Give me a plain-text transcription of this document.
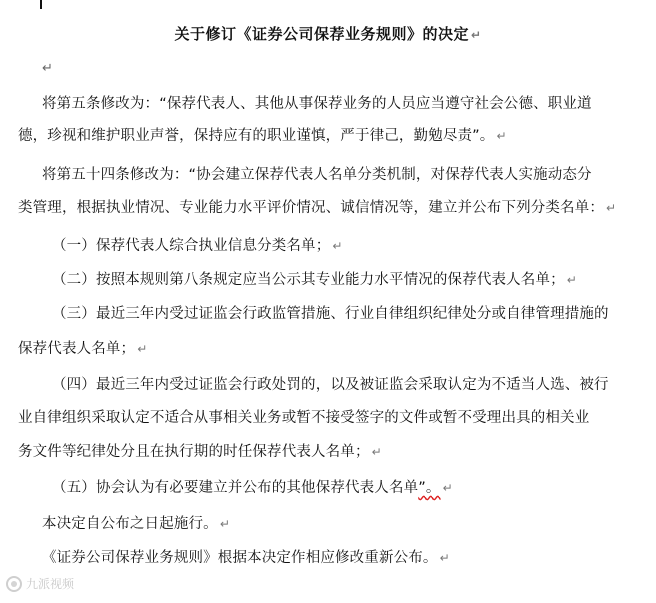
关于修订《证券公司保荐业务规则》的决定 ↵
↵
将第五条修改为：“保荐代表人、其他从事保荐业务的人员应当遵守社会公德、职业道
德，珍视和维护职业声誉，保持应有的职业谨慎，严于律己，勤勉尽责”。 ↵
将第五十四条修改为：“协会建立保荐代表人名单分类机制，对保荐代表人实施动态分
类管理，根据执业情况、专业能力水平评价情况、诚信情况等，建立并公布下列分类名单： ↵
（一）保荐代表人综合执业信息分类名单； ↵
（二）按照本规则第八条规定应当公示其专业能力水平情况的保荐代表人名单； ↵
（三）最近三年内受过证监会行政监管措施、行业自律组织纪律处分或自律管理措施的
保荐代表人名单； ↵
（四）最近三年内受过证监会行政处罚的，以及被证监会采取认定为不适当人选、被行
业自律组织采取认定不适合从事相关业务或暂不接受签字的文件或暂不受理出具的相关业
务文件等纪律处分且在执行期的时任保荐代表人名单； ↵
（五）协会认为有必要建立并公布的其他保荐代表人名单”。 ↵
本决定自公布之日起施行。 ↵
《证券公司保荐业务规则》根据本决定作相应修改重新公布。 ↵
九派视频
